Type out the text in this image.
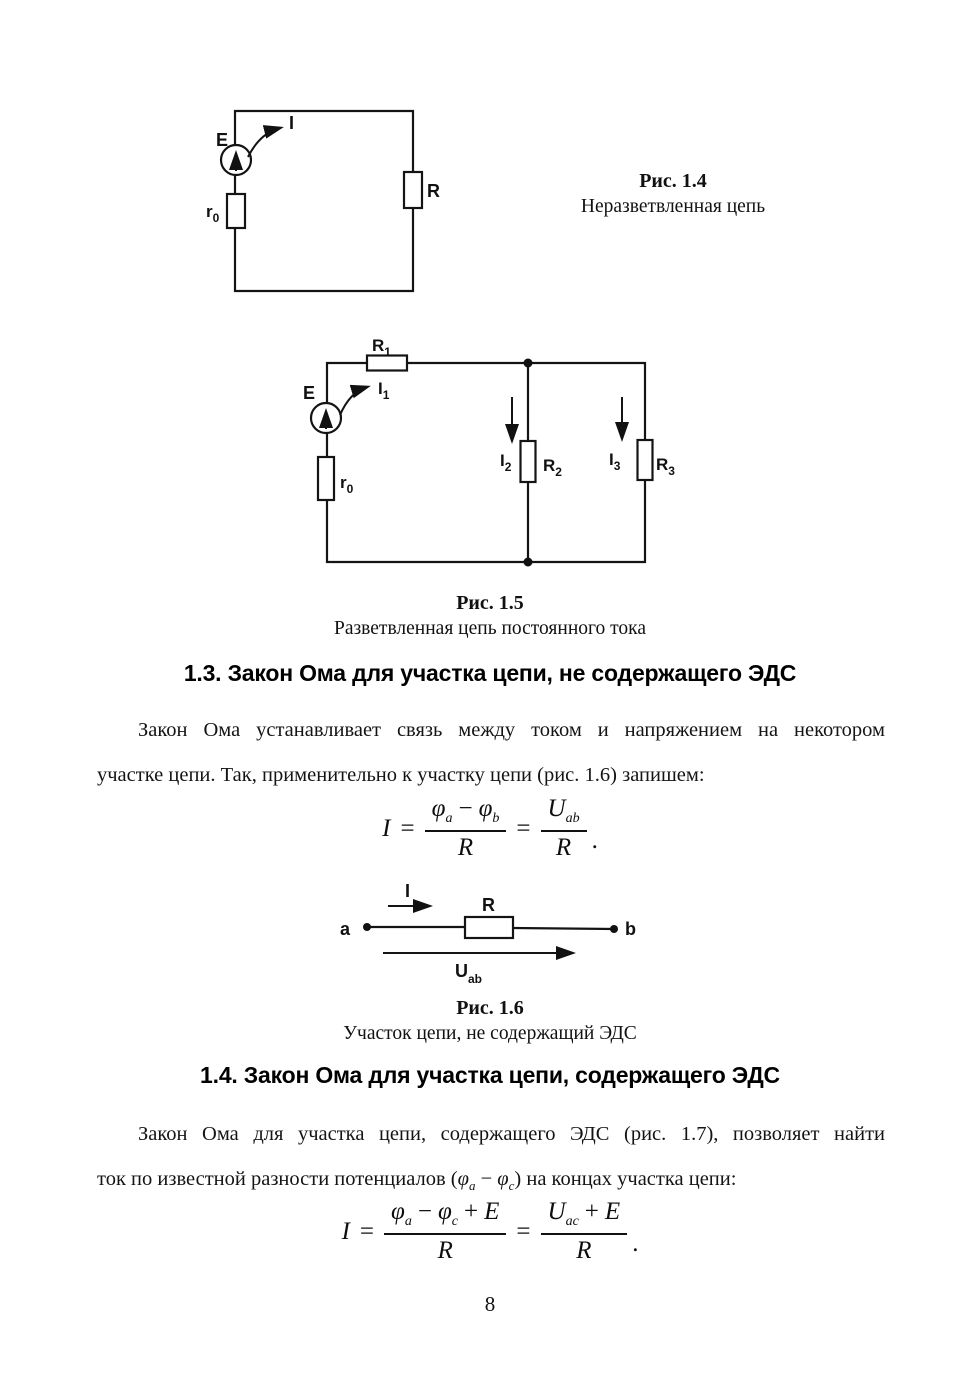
E
I
$r_0$
R	Рис. 1.4
Неразветвленная цепь
$R_1$
$I_1$
E
$r_0$
$I_2$ $R_2$
$I_3$ $R_3$
Рис. 1.5
Разветвленная цепь постоянного тока
1.3. Закон Ома для участка цепи, не содержащего ЭДС
Закон Ома устанавливает связь между током и напряжением на некотором
участке цепи. Так, применительно к участку цепи (рис. 1.6) запишем:
$I = \frac{\varphi_a - \varphi_b}{R} = \frac{U_{ab}}{R}$ .
I
R
a	b
$U_{ab}$
Рис. 1.6
Участок цепи, не содержащий ЭДС
1.4. Закон Ома для участка цепи, содержащего ЭДС
Закон Ома для участка цепи, содержащего ЭДС (рис. 1.7), позволяет найти
ток по известной разности потенциалов $(\varphi_a - \varphi_c)$ на концах участка цепи:
$I = \frac{\varphi_a - \varphi_c + E}{R} = \frac{U_{ac} + E}{R}$ .
8
